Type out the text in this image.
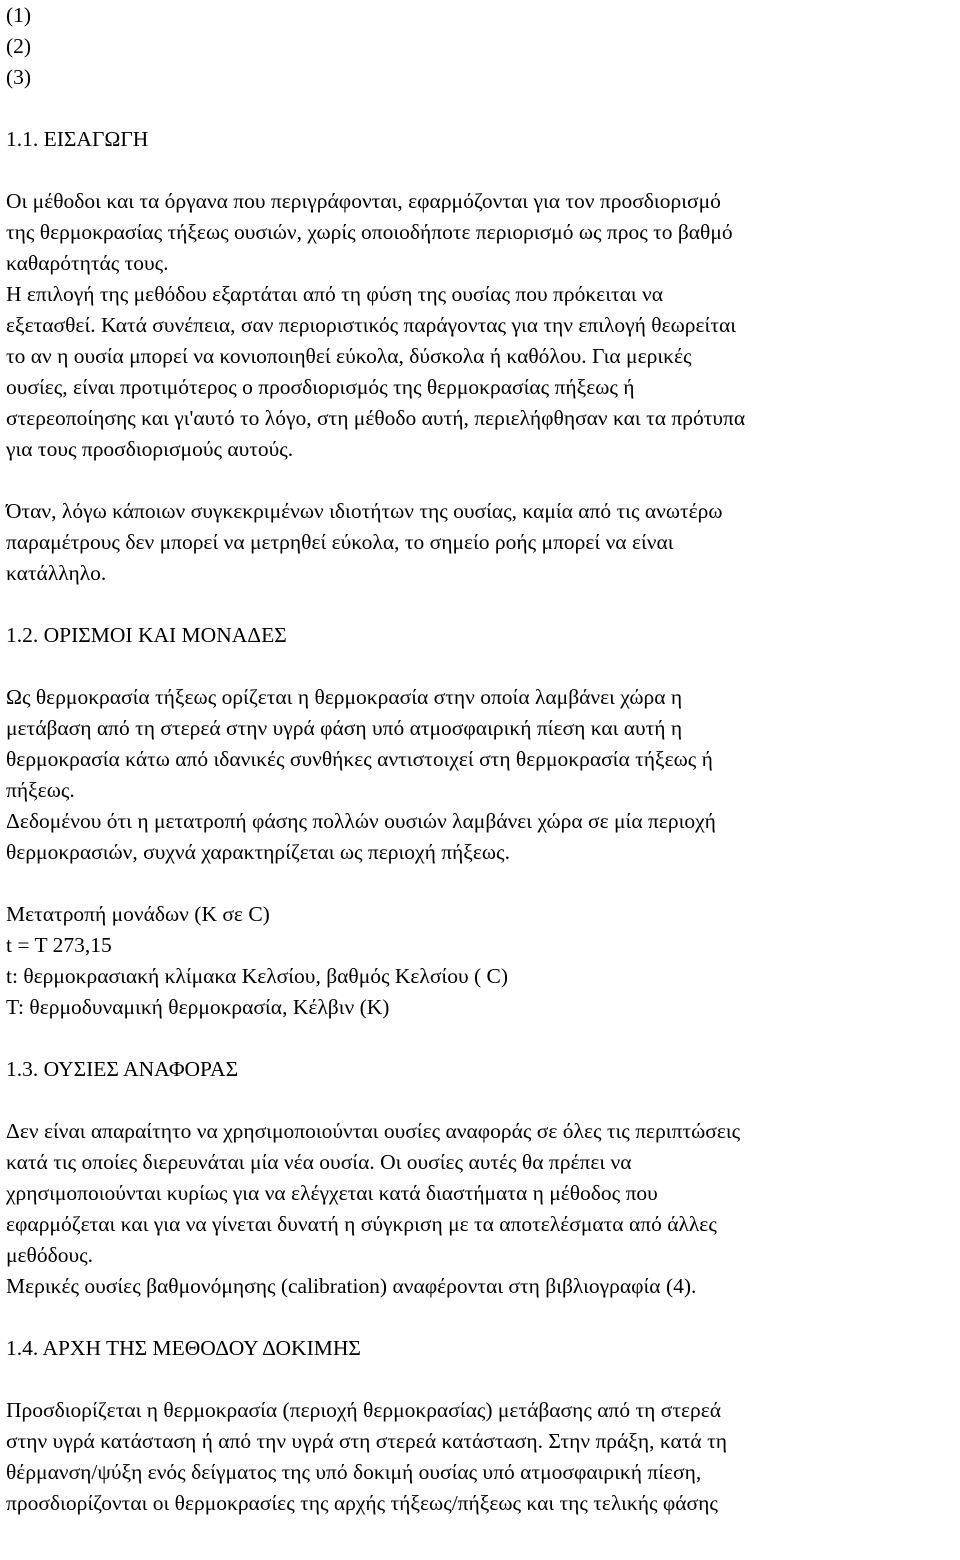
(1)
(2)
(3)
1.1. ΕΙΣΑΓΩΓΗ
Οι μέθοδοι και τα όργανα που περιγράφονται, εφαρμόζονται για τον προσδιορισμό
της θερμοκρασίας τήξεως ουσιών, χωρίς οποιοδήποτε περιορισμό ως προς το βαθμό
καθαρότητάς τους.
Η επιλογή της μεθόδου εξαρτάται από τη φύση της ουσίας που πρόκειται να
εξετασθεί. Κατά συνέπεια, σαν περιοριστικός παράγοντας για την επιλογή θεωρείται
το αν η ουσία μπορεί να κονιοποιηθεί εύκολα, δύσκολα ή καθόλου. Για μερικές
ουσίες, είναι προτιμότερος ο προσδιορισμός της θερμοκρασίας πήξεως ή
στερεοποίησης και γι'αυτό το λόγο, στη μέθοδο αυτή, περιελήφθησαν και τα πρότυπα
για τους προσδιορισμούς αυτούς.
Όταν, λόγω κάποιων συγκεκριμένων ιδιοτήτων της ουσίας, καμία από τις ανωτέρω
παραμέτρους δεν μπορεί να μετρηθεί εύκολα, το σημείο ροής μπορεί να είναι
κατάλληλο.
1.2. ΟΡΙΣΜΟΙ ΚΑΙ ΜΟΝΑΔΕΣ
Ως θερμοκρασία τήξεως ορίζεται η θερμοκρασία στην οποία λαμβάνει χώρα η
μετάβαση από τη στερεά στην υγρά φάση υπό ατμοσφαιρική πίεση και αυτή η
θερμοκρασία κάτω από ιδανικές συνθήκες αντιστοιχεί στη θερμοκρασία τήξεως ή
πήξεως.
Δεδομένου ότι η μετατροπή φάσης πολλών ουσιών λαμβάνει χώρα σε μία περιοχή
θερμοκρασιών, συχνά χαρακτηρίζεται ως περιοχή πήξεως.
Μετατροπή μονάδων (K σε C)
t = T 273,15
t: θερμοκρασιακή κλίμακα Κελσίου, βαθμός Κελσίου ( C)
T: θερμοδυναμική θερμοκρασία, Κέλβιν (K)
1.3. ΟΥΣΙΕΣ ΑΝΑΦΟΡΑΣ
Δεν είναι απαραίτητο να χρησιμοποιούνται ουσίες αναφοράς σε όλες τις περιπτώσεις
κατά τις οποίες διερευνάται μία νέα ουσία. Οι ουσίες αυτές θα πρέπει να
χρησιμοποιούνται κυρίως για να ελέγχεται κατά διαστήματα η μέθοδος που
εφαρμόζεται και για να γίνεται δυνατή η σύγκριση με τα αποτελέσματα από άλλες
μεθόδους.
Μερικές ουσίες βαθμονόμησης (calibration) αναφέρονται στη βιβλιογραφία (4).
1.4. ΑΡΧΗ ΤΗΣ ΜΕΘΟΔΟΥ ΔΟΚΙΜΗΣ
Προσδιορίζεται η θερμοκρασία (περιοχή θερμοκρασίας) μετάβασης από τη στερεά
στην υγρά κατάσταση ή από την υγρά στη στερεά κατάσταση. Στην πράξη, κατά τη
θέρμανση/ψύξη ενός δείγματος της υπό δοκιμή ουσίας υπό ατμοσφαιρική πίεση,
προσδιορίζονται οι θερμοκρασίες της αρχής τήξεως/πήξεως και της τελικής φάσης
